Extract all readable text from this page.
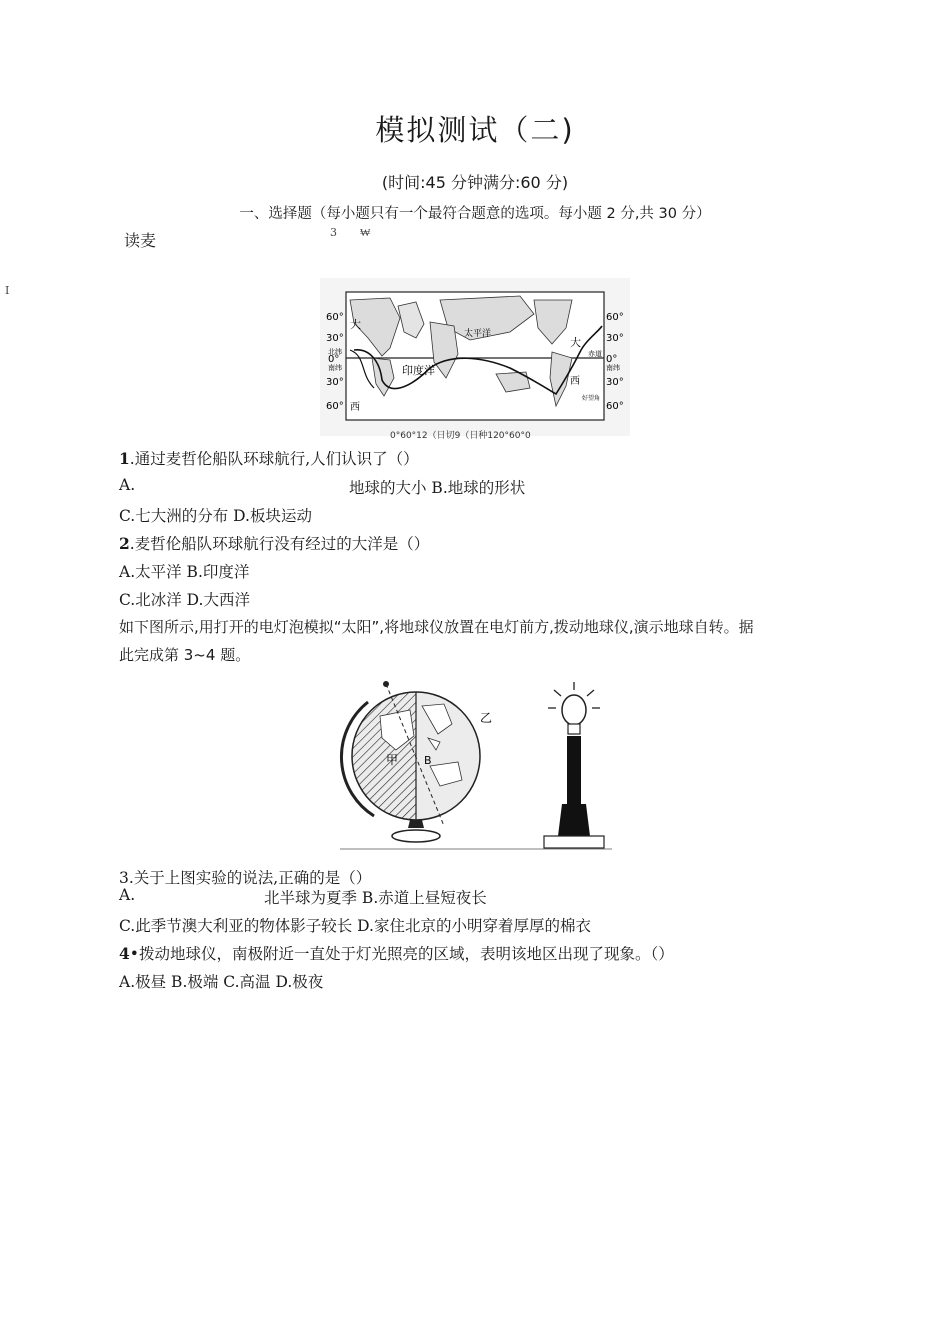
模拟测试（二)
(时间:45 分钟满分:60 分)
一、选择题（每小题只有一个最符合题意的选项。每小题 2 分,共 30 分）
读麦	3 ₩
I
60°
30°
北纬
0°
南纬
30°
60°
60°
30°
赤道 0°
南纬
30°
60°
太平洋
印度洋
大
西
大
西
好望角
0°60°12（日切9（日种120°60°0
1.通过麦哲伦船队环球航行,人们认识了（）
A.	地球的大小 B.地球的形状
C.七大洲的分布 D.板块运动
2.麦哲伦船队环球航行没有经过的大洋是（）
A.太平洋 B.印度洋
C.北冰洋 D.大西洋
如下图所示,用打开的电灯泡模拟“太阳”,将地球仪放置在电灯前方,拨动地球仪,演示地球自转。据
此完成第 3~4 题。
甲 B
乙
3.关于上图实验的说法,正确的是（）
A.	北半球为夏季 B.赤道上昼短夜长
C.此季节澳大利亚的物体影子较长 D.家住北京的小明穿着厚厚的棉衣
4•拨动地球仪，南极附近一直处于灯光照亮的区域，表明该地区出现了现象。（）
A.极昼 B.极端 C.高温 D.极夜
